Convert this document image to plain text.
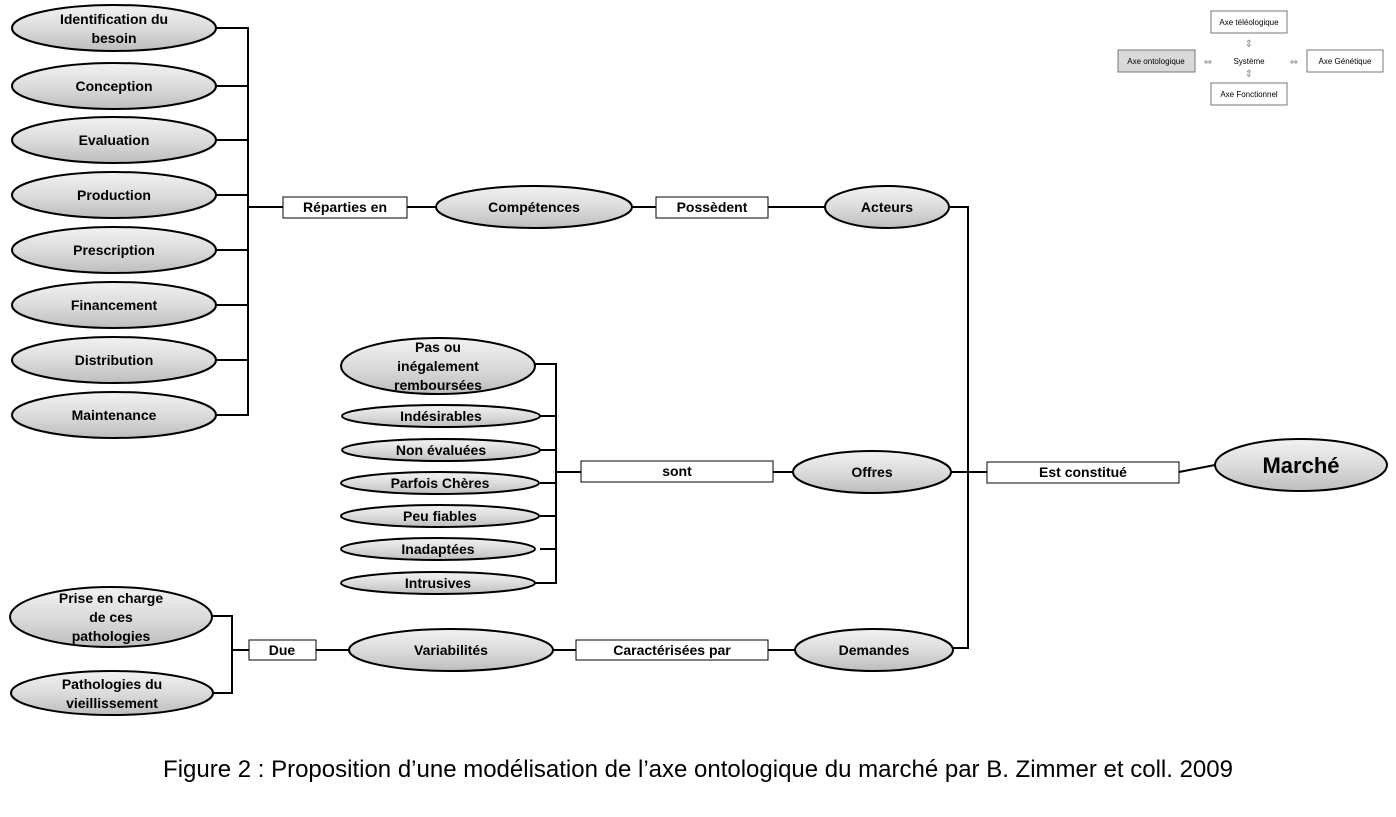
Identification du
besoin
Conception
Evaluation
Production
Prescription
Financement
Distribution
Maintenance
Compétences	Acteurs
Pas ou
inégalement
remboursées
Indésirables
Non évaluées
Parfois Chères
Peu fiables
Inadaptées
Intrusives
Offres	Marché
Prise en charge
de ces
pathologies
Pathologies du
vieillissement
Variabilités	Demandes
Réparties en	Possèdent
sont	Est constitué
Due	Caractérisées par
Axe téléologique
⇕
Axe ontologique ⇔	Système	⇔	Axe Génétique
⇕
Axe Fonctionnel
Figure 2 : Proposition d’une modélisation de l’axe ontologique du marché par B. Zimmer et coll. 2009
